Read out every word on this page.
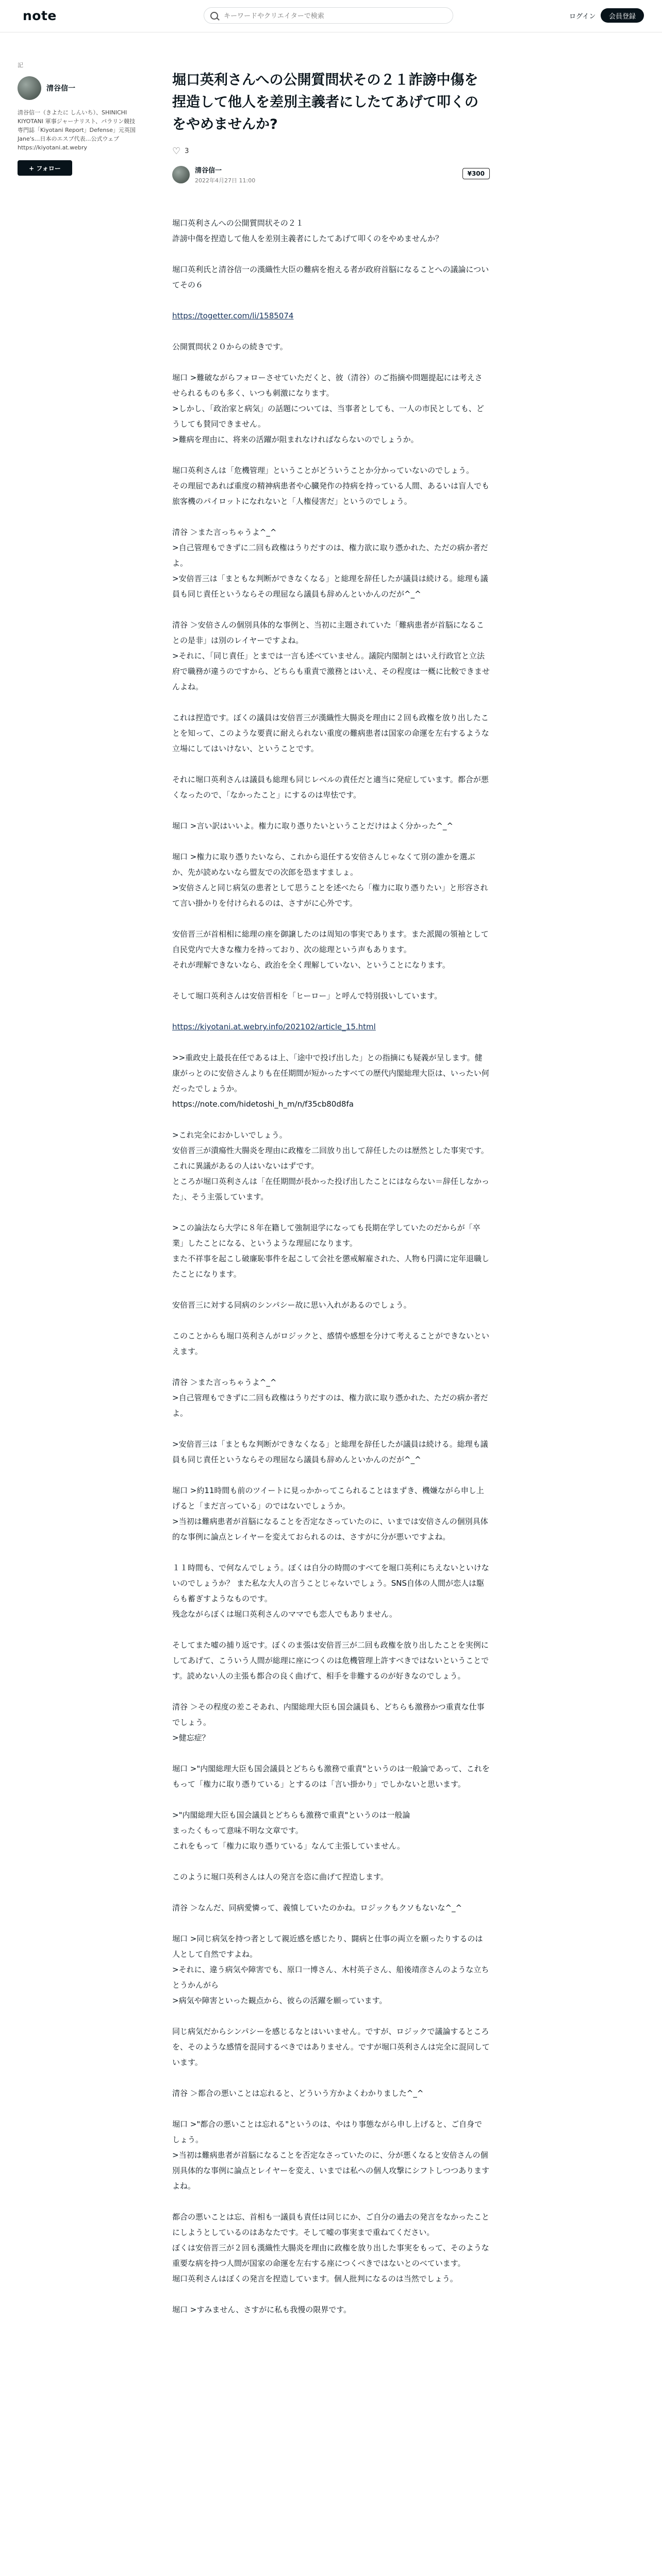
note
キーワードやクリエイターで検索	ログイン	会員登録
記
清谷信一
清谷信一（きよたに しんいち）、SHINICHI KIYOTANI 軍事ジャーナリスト、パラリン競技専門誌「Kiyotani Report」Defense」元英国Jane's…日本のエスブ代表…公式ウェブ https://kiyotani.at.webry
+ フォロー
堀口英利さんへの公開質問状その２１詐謗中傷を捏造して他人を差別主義者にしたてあげて叩くのをやめませんか?
♡ 3
清谷信一
2022年4月27日 11:00
¥300

堀口英利さんへの公開質問状その２１
詐謗中傷を捏造して他人を差別主義者にしたてあげて叩くのをやめませんか？

堀口英利氏と清谷信一の漢織性大臣の難病を抱える者が政府首脳になることへの議論についてその６

https://togetter.com/li/1585074

公開質問状２０からの続きです。

堀口 >難破ながらフォローさせていただくと、彼（清谷）のご指摘や問題提起には考えさせられるものも多く、いつも刺激になります。
>しかし、「政治家と病気」の話題については、当事者としても、一人の市民としても、どうしても賛同できません。
>難病を理由に、将来の活躍が阻まれなければならないのでしょうか。

堀口英利さんは「危機管理」ということがどういうことか分かっていないのでしょう。
その理屈であれば重度の精神病患者や心臓発作の持病を持っている人間、あるいは盲人でも旅客機のパイロットになれないと「人権侵害だ」というのでしょう。

清谷 ＞また言っちゃうよ^_^
>自己管理もできずに二回も政権はうりだすのは、権力欲に取り憑かれた、ただの病か者だよ。
>安倍晋三は「まともな判断ができなくなる」と総理を辞任したが議員は続ける。総理も議員も同じ責任というならその理屈なら議員も辞めんといかんのだが^_^

清谷 ＞安倍さんの個別具体的な事例と、当初に主題されていた「難病患者が首脳になることの是非」は別のレイヤーですよね。
>それに、「同じ責任」とまでは一言も述べていません。議院内閣制とはいえ行政官と立法府で職務が違うのですから、どちらも重責で激務とはいえ、その程度は一概に比較できませんよね。

これは捏造です。ぼくの議員は安倍晋三が漢織性大腸炎を理由に２回も政権を放り出したことを知って、このような要責に耐えられない重度の難病患者は国家の命運を左右するような立場にしてはいけない、ということです。

それに堀口英利さんは議員も総理も同じレベルの責任だと適当に発症しています。都合が悪くなったので、「なかったこと」にするのは卑怯です。

堀口 >言い訳はいいよ。権力に取り憑りたいということだけはよく分かった^_^

堀口 >権力に取り憑りたいなら、これから退任する安倍さんじゃなくて別の誰かを選ぶか、先が読めないなら盟友での次郎を恐ますましょ。
>安倍さんと同じ病気の患者として思うことを述べたら「権力に取り憑りたい」と形容されて言い掛かりを付けられるのは、さすがに心外です。

安倍晋三が首相相に総理の座を御譲したのは周知の事実であります。また派閥の領袖として自民党内で大きな権力を持っており、次の総理という声もあります。
それが理解できないなら、政治を全く理解していない、ということになります。

そして堀口英利さんは安倍晋相を「ヒーロー」と呼んで特別扱いしています。

https://kiyotani.at.webry.info/202102/article_15.html

>>重政史上最長在任であるは上、「途中で投げ出した」との指摘にも疑義が呈します。健康がっとのに安倍さんよりも在任期間が短かったすべての歴代内閣総理大臣は、いったい何だったでしょうか。
https://note.com/hidetoshi_h_m/n/f35cb80d8fa

>これ完全におかしいでしょう。
安倍晋三が潰瘍性大腸炎を理由に政権を二回放り出して辞任したのは歴然とした事実です。
これに異議があるの人はいないはずです。
ところが堀口英利さんは「在任期間が長かった投げ出したことにはならない＝辞任しなかった」、そう主張しています。

>この論法なら大学に８年在籍して強制退学になっても長期在学していたのだからが「卒業」したことになる、というような理屈になります。
また不祥事を起こし破廉恥事件を起こして会社を懲戒解雇された、人物も円満に定年退職したことになります。

安倍晋三に対する同病のシンパシー故に思い入れがあるのでしょう。

このことからも堀口英利さんがロジックと、感情や感想を分けて考えることができないといえます。

清谷 ＞また言っちゃうよ^_^
>自己管理もできずに二回も政権はうりだすのは、権力欲に取り憑かれた、ただの病か者だよ。

>安倍晋三は「まともな判断ができなくなる」と総理を辞任したが議員は続ける。総理も議員も同じ責任というならその理屈なら議員も辞めんといかんのだが^_^

堀口 >約11時間も前のツイートに見っかかってこられることはまずき、機嫌ながら申し上げると「まだ言っている」のではないでしょうか。
>当初は難病患者が首脳になることを否定なさっていたのに、いまでは安倍さんの個別具体的な事例に論点とレイヤーを変えておられるのは、さすがに分が悪いですよね。

１１時間も、で何なんでしょう。ぼくは自分の時間のすべてを堀口英利にちえないといけないのでしょうか？ また私な大人の言うことじゃないでしょう。SNS自体の人間が恋人は駆らも蓄ぎすようなものです。
残念ながらぼくは堀口英利さんのママでも恋人でもありません。

そしてまた嘘の捕り返です。ぼくのま張は安倍晋三が二回も政権を放り出したことを実例にしてあげて、こういう人間が総理に座につくのは危機管理上許すべきではないということです。読めない人の主張も都合の良く曲げて、相手を非難するのが好きなのでしょう。

清谷 ＞その程度の差こそあれ、内閣総理大臣も国会議員も、どちらも激務かつ重責な仕事でしょう。
>健忘症？

堀口 >"内閣総理大臣も国会議員とどちらも激務で重責"というのは一般論であって、これをもって「権力に取り憑りている」とするのは「言い掛かり」でしかないと思います。

>"内閣総理大臣も国会議員とどちらも激務で重責"というのは一般論
まったくもって意味不明な文章です。
これをもって「権力に取り憑りている」なんて主張していません。

このように堀口英利さんは人の発言を恣に曲げて捏造します。

清谷 ＞なんだ、同病愛憐って、義憤していたのかね。ロジックもクソもないな^_^

堀口 >同じ病気を持つ者として親近感を感じたり、闘病と仕事の両立を願ったりするのは人として自然ですよね。
>それに、違う病気や障害でも、原口一博さん、木村英子さん、船後靖彦さんのような立ちとうかんがら
>病気や障害といった観点から、彼らの活躍を願っています。

同じ病気だからシンパシーを感じるなとはいいません。ですが、ロジックで議論するところを、そのような感情を混同するべきではありません。ですが堀口英利さんは完全に混同しています。

清谷 ＞都合の悪いことは忘れると、どういう方かよくわかりました^_^

堀口 >"都合の悪いことは忘れる"というのは、やはり事態ながら申し上げると、ご自身でしょう。
>当初は難病患者が首脳になることを否定なさっていたのに、分が悪くなると安倍さんの個別具体的な事例に論点とレイヤーを変え、いまでは私への個人攻撃にシフトしつつありますよね。

都合の悪いことは忘、首相も一議員も責任は同じにか、ご自分の過去の発言をなかったことにしようとしているのはあなたです。そして嘘の事実まで重ねてください。
ぼくは安倍晋三が２回も漢織性大腸炎を理由に政権を放り出した事実をもって、そのような重要な病を持つ人間が国家の命運を左右する座につくべきではないとのべています。
堀口英利さんはぼくの発言を捏造しています。個人批判になるのは当然でしょう。

堀口 >すみません、さすがに私も我慢の限界です。
